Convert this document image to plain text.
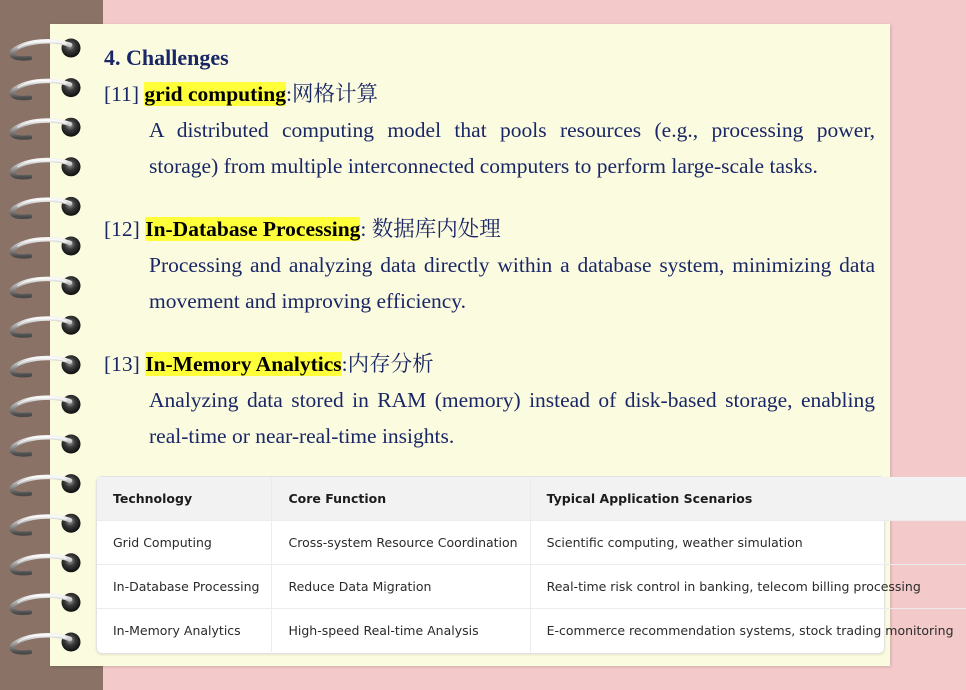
4. Challenges

[11] grid computing:网格计算

A distributed computing model that pools resources (e.g., processing power, storage) from multiple interconnected computers to perform large-scale tasks.

[12] In-Database Processing: 数据库内处理

Processing and analyzing data directly within a database system, minimizing data movement and improving efficiency.

[13] In-Memory Analytics:内存分析

Analyzing data stored in RAM (memory) instead of disk-based storage, enabling real-time or near-real-time insights.

Technology	Core Function	Typical Application Scenarios
Grid Computing	Cross-system Resource Coordination	Scientific computing, weather simulation
In-Database Processing	Reduce Data Migration	Real-time risk control in banking, telecom billing processing
In-Memory Analytics	High-speed Real-time Analysis	E-commerce recommendation systems, stock trading monitoring
